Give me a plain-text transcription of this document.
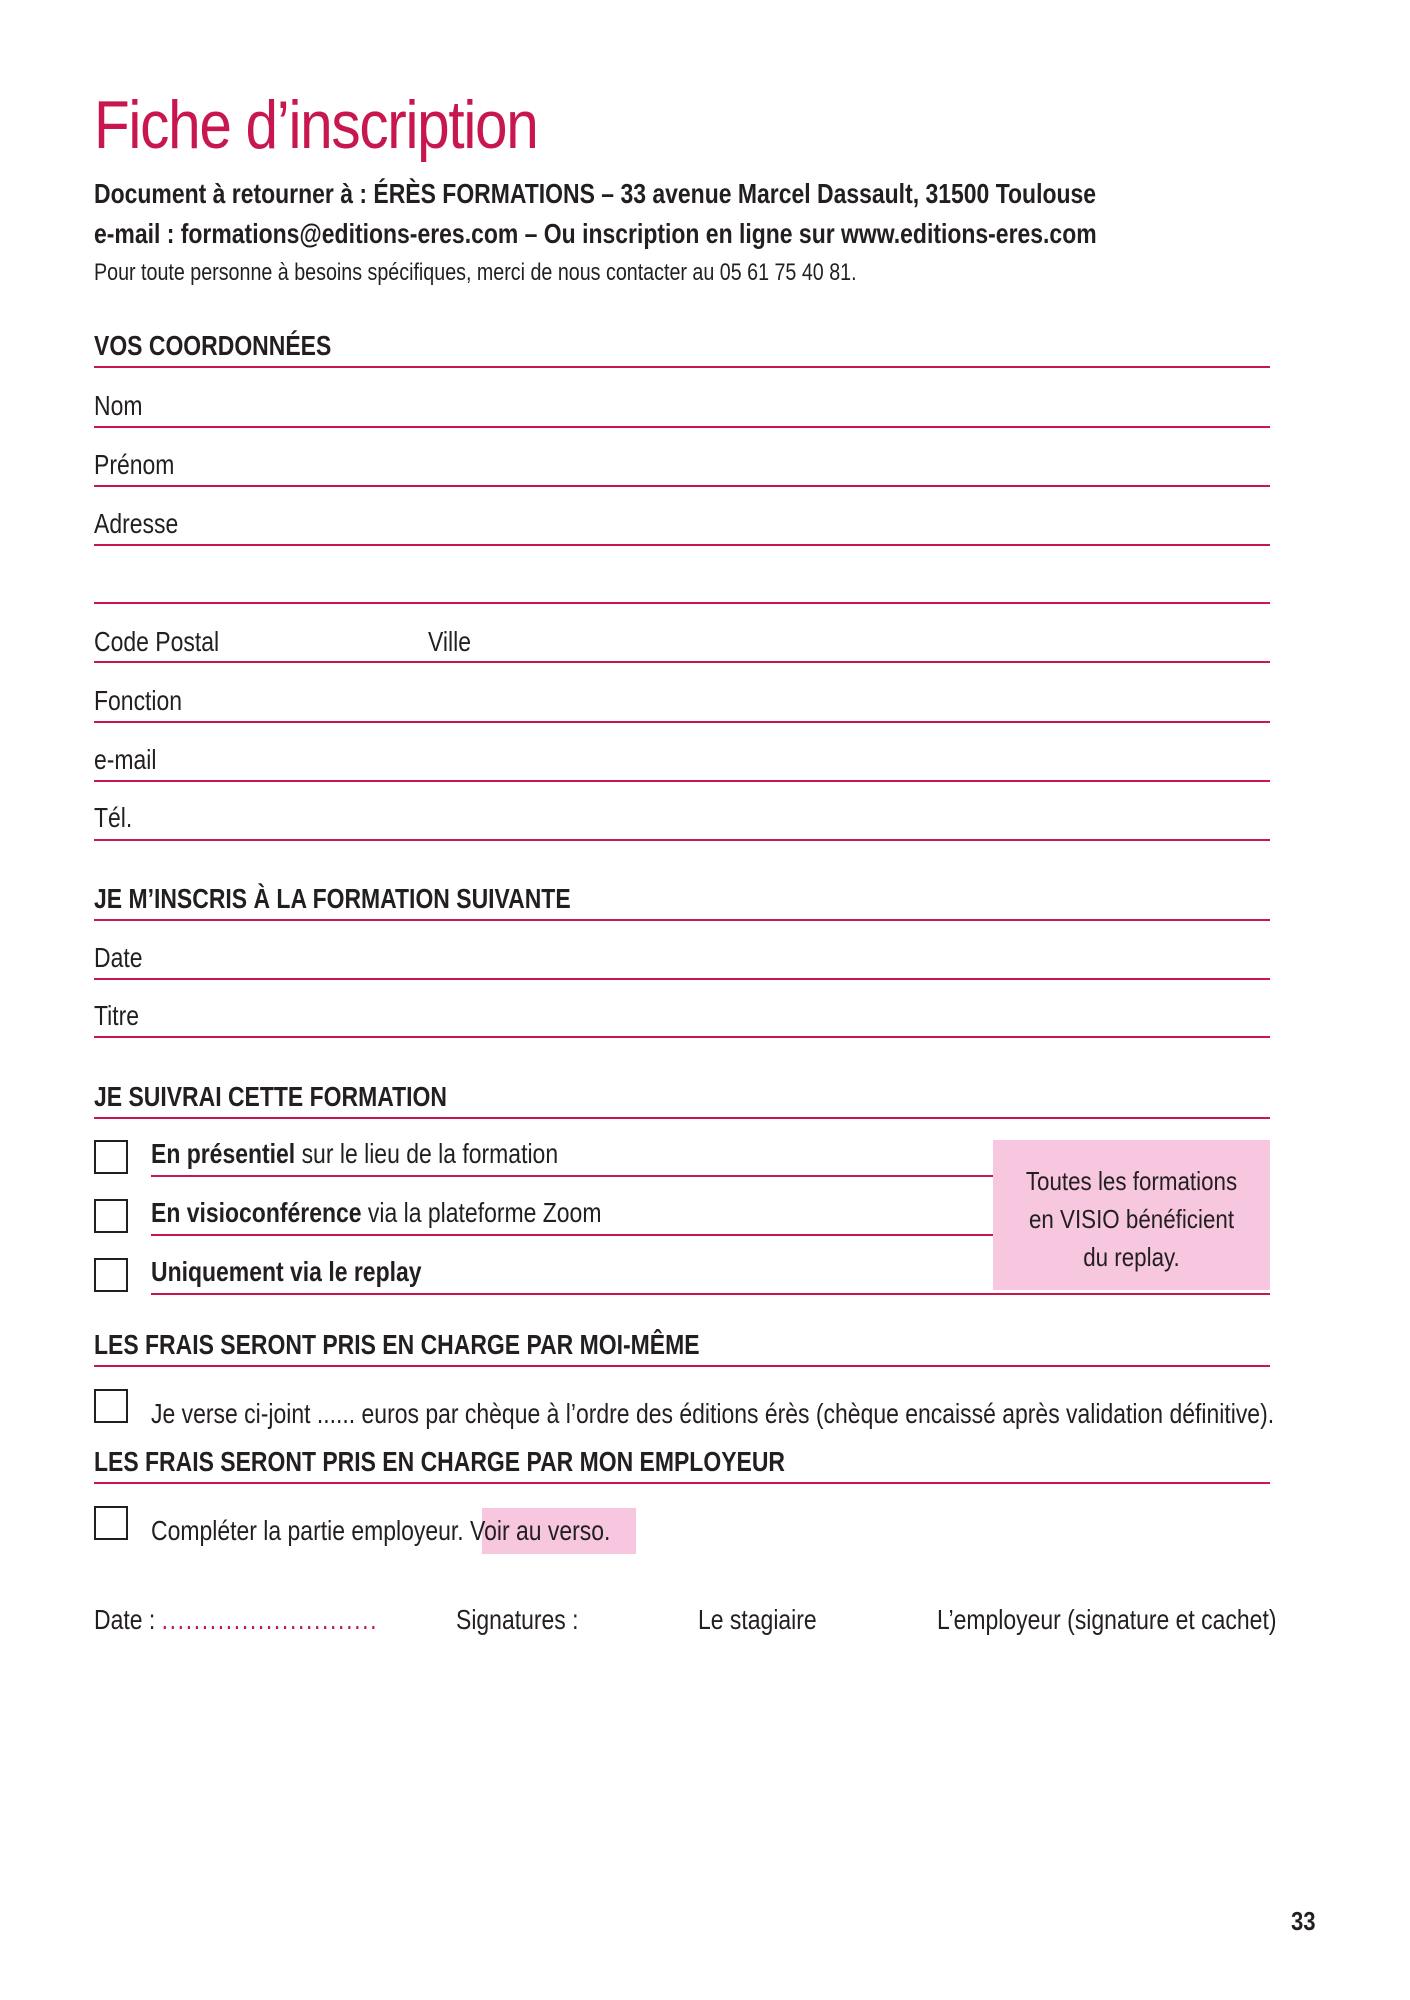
Fiche d’inscription
Document à retourner à : ÉRÈS FORMATIONS – 33 avenue Marcel Dassault, 31500 Toulouse
e-mail : formations@editions-eres.com – Ou inscription en ligne sur www.editions-eres.com
Pour toute personne à besoins spécifiques, merci de nous contacter au 05 61 75 40 81.
VOS COORDONNÉES
Nom
Prénom
Adresse
Code Postal	Ville
Fonction
e-mail
Tél.
JE M’INSCRIS À LA FORMATION SUIVANTE
Date
Titre
JE SUIVRAI CETTE FORMATION
En présentiel sur le lieu de la formation
En visioconférence via la plateforme Zoom
Uniquement via le replay
Toutes les formations
en VISIO bénéficient
du replay.
LES FRAIS SERONT PRIS EN CHARGE PAR MOI-MÊME
Je verse ci-joint ...... euros par chèque à l’ordre des éditions érès (chèque encaissé après validation définitive).
LES FRAIS SERONT PRIS EN CHARGE PAR MON EMPLOYEUR
Compléter la partie employeur. Voir au verso.
Date : ...........................	Signatures :	Le stagiaire	L’employeur (signature et cachet)
33
